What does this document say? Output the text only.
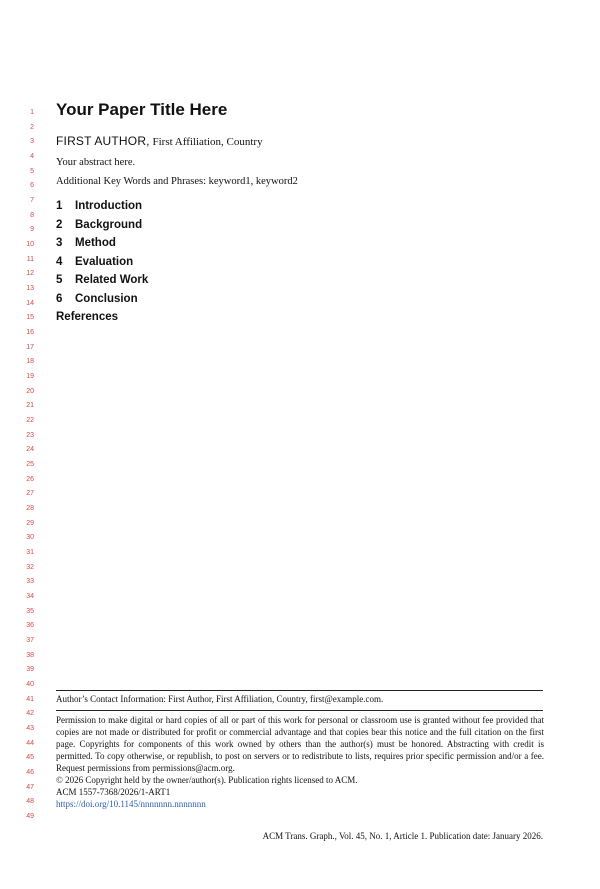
1
2
3
4
5
6
7
8
9
10
11
12
13
14
15
16
17
18
19
20
21
22
23
24
25
26
27
28
29
30
31
32
33
34
35
36
37
38
39
40
41
42
43
44
45
46
47
48
49
Your Paper Title Here
FIRST AUTHOR, First Affiliation, Country
Your abstract here.
Additional Key Words and Phrases: keyword1, keyword2
1 Introduction
2 Background
3 Method
4 Evaluation
5 Related Work
6 Conclusion
References
Author’s Contact Information: First Author, First Affiliation, Country, first@example.com.

Permission to make digital or hard copies of all or part of this work for personal or classroom use is granted without fee provided that copies are not made or distributed for profit or commercial advantage and that copies bear this notice and the full citation on the first page. Copyrights for components of this work owned by others than the author(s) must be honored. Abstracting with credit is permitted. To copy otherwise, or republish, to post on servers or to redistribute to lists, requires prior specific permission and/or a fee. Request permissions from permissions@acm.org.

© 2026 Copyright held by the owner/author(s). Publication rights licensed to ACM.

ACM 1557-7368/2026/1-ART1

https://doi.org/10.1145/nnnnnnn.nnnnnnn

ACM Trans. Graph., Vol. 45, No. 1, Article 1. Publication date: January 2026.
